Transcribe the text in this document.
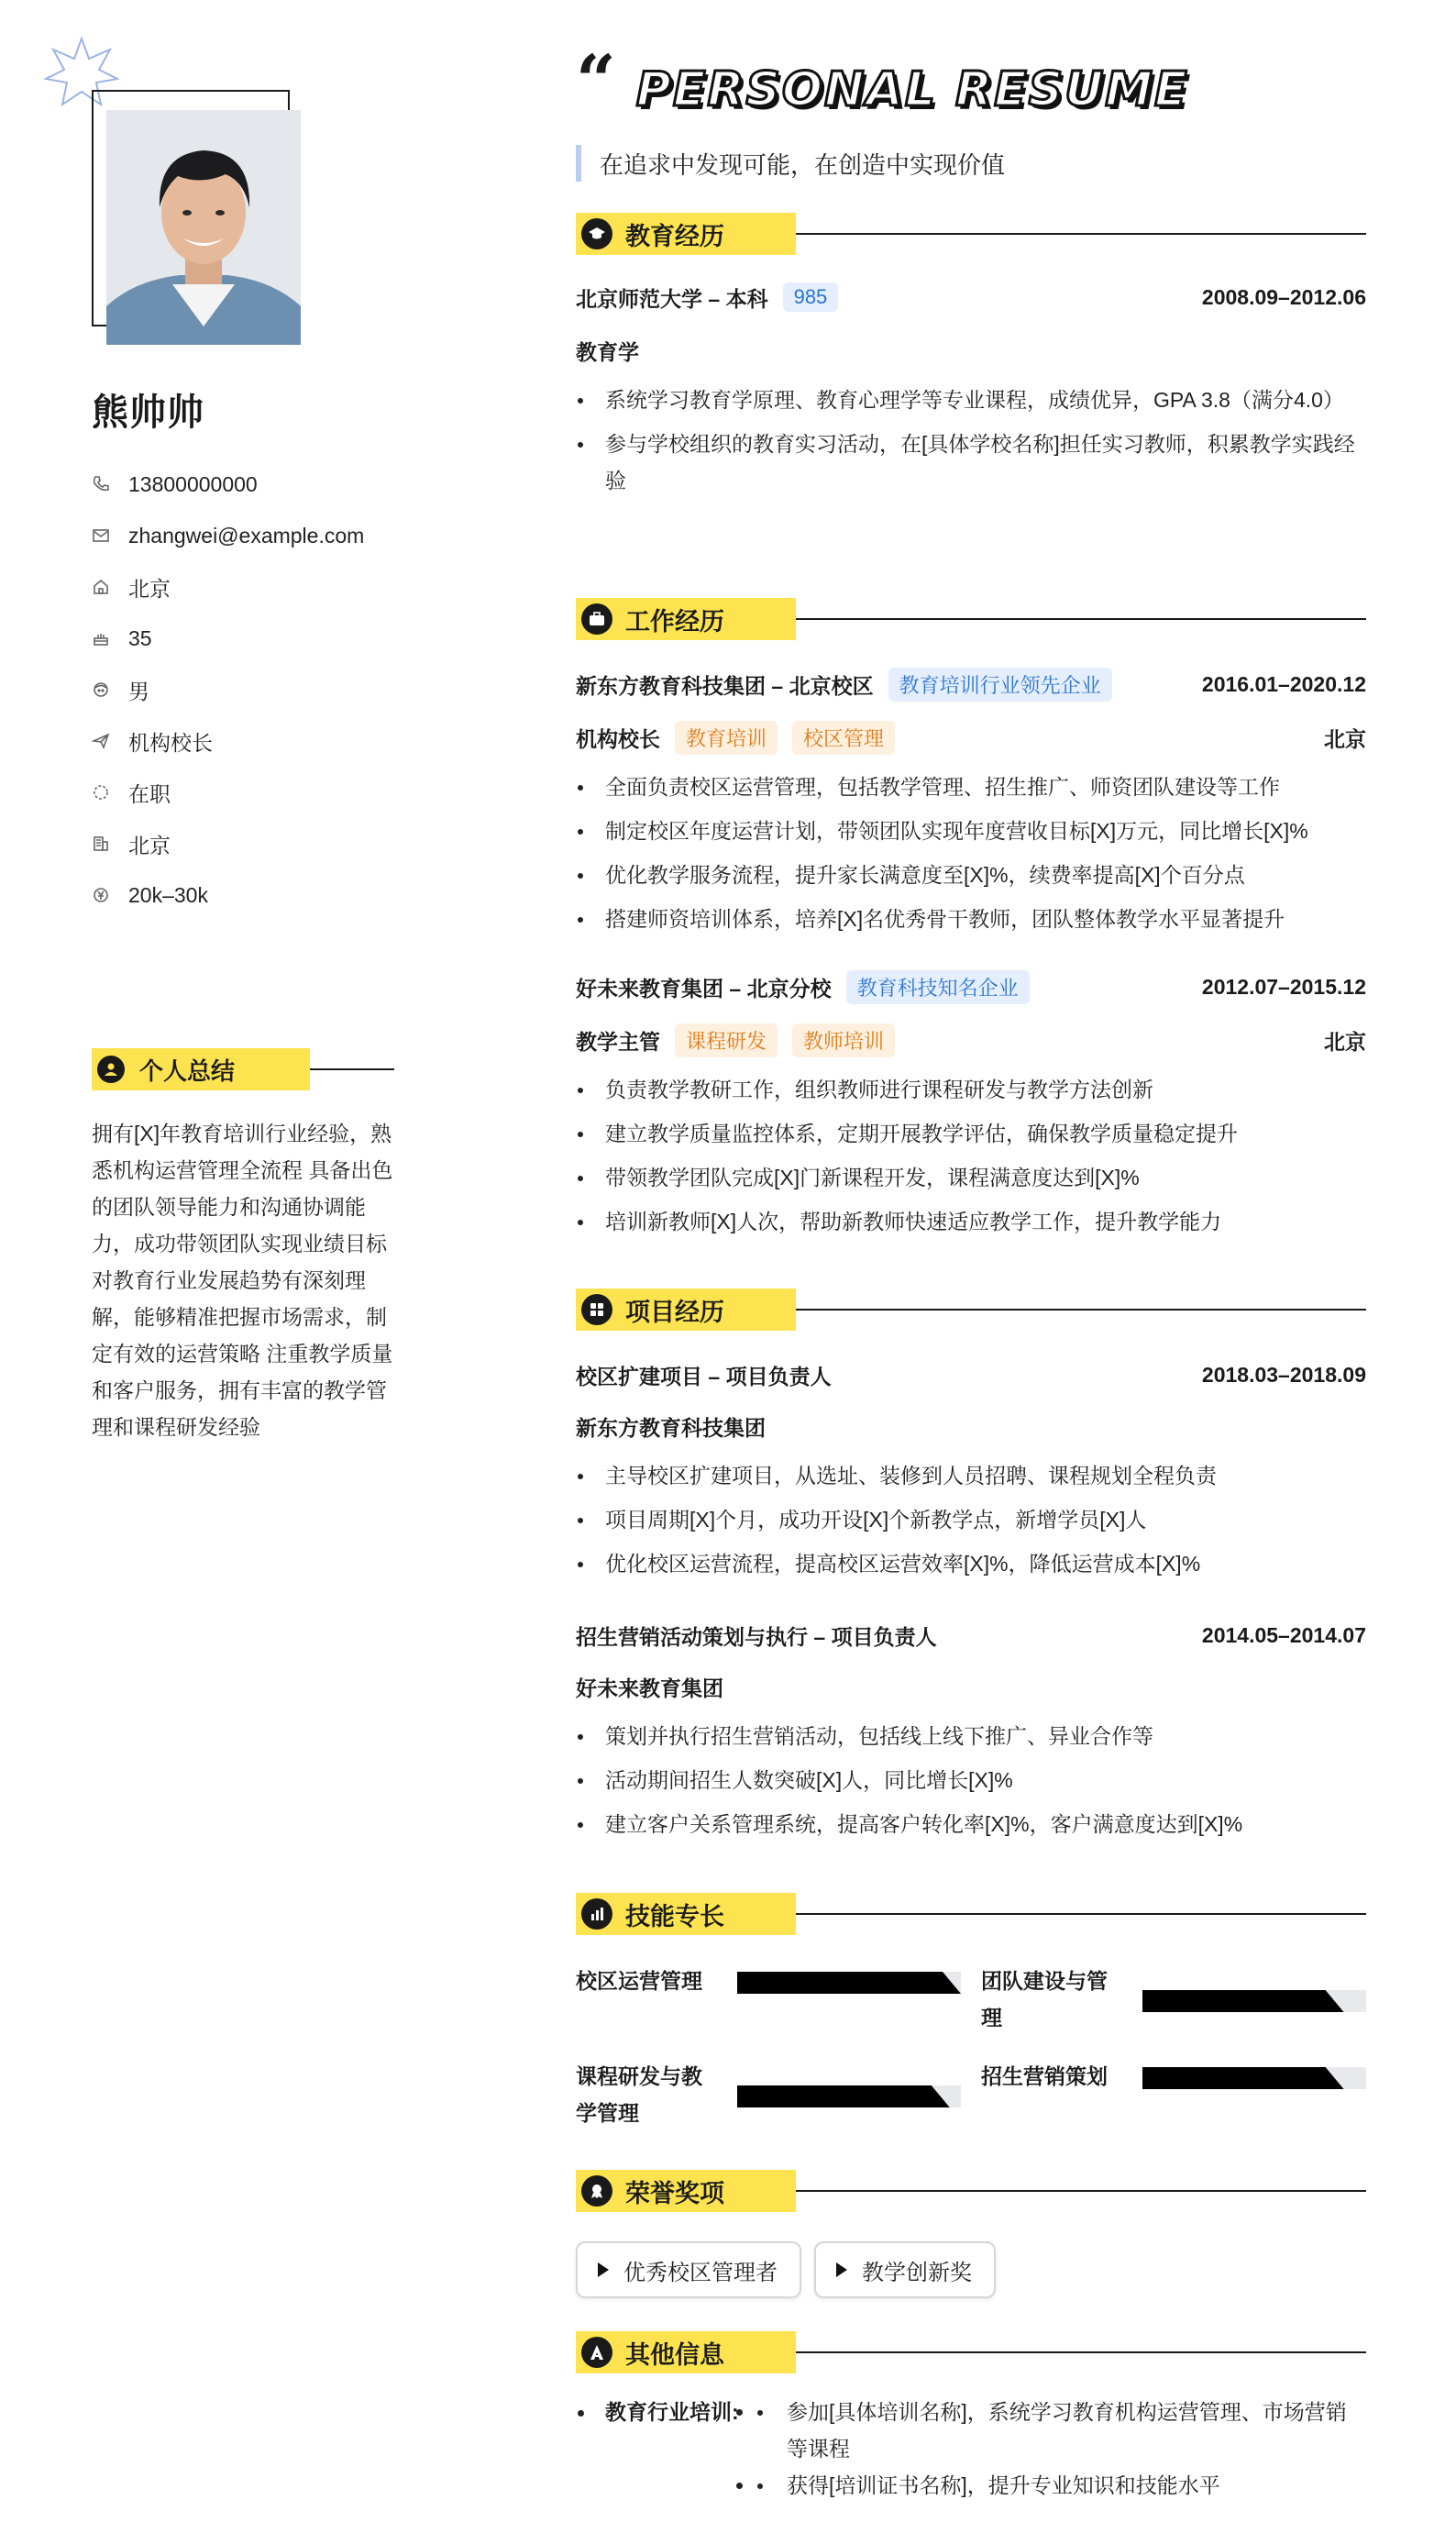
熊帅帅
13800000000
zhangwei@example.com
北京
35
男
机构校长
在职
北京
20k–30k
个人总结
拥有[X]年教育培训行业经验，熟悉机构运营管理全流程 具备出色的团队领导能力和沟通协调能力，成功带领团队实现业绩目标 对教育行业发展趋势有深刻理解，能够精准把握市场需求，制定有效的运营策略 注重教学质量和客户服务，拥有丰富的教学管理和课程研发经验
“ PERSONAL RESUME
在追求中发现可能，在创造中实现价值
教育经历
北京师范大学 – 本科	985	2008.09–2012.06
教育学
系统学习教育学原理、教育心理学等专业课程，成绩优异，GPA 3.8（满分4.0）
参与学校组织的教育实习活动，在[具体学校名称]担任实习教师，积累教学实践经验
工作经历
新东方教育科技集团 – 北京校区	教育培训行业领先企业	2016.01–2020.12
机构校长	教育培训	校区管理	北京
全面负责校区运营管理，包括教学管理、招生推广、师资团队建设等工作
制定校区年度运营计划，带领团队实现年度营收目标[X]万元，同比增长[X]%
优化教学服务流程，提升家长满意度至[X]%，续费率提高[X]个百分点
搭建师资培训体系，培养[X]名优秀骨干教师，团队整体教学水平显著提升
好未来教育集团 – 北京分校	教育科技知名企业	2012.07–2015.12
教学主管	课程研发	教师培训	北京
负责教学教研工作，组织教师进行课程研发与教学方法创新
建立教学质量监控体系，定期开展教学评估，确保教学质量稳定提升
带领教学团队完成[X]门新课程开发，课程满意度达到[X]%
培训新教师[X]人次，帮助新教师快速适应教学工作，提升教学能力
项目经历
校区扩建项目 – 项目负责人	2018.03–2018.09
新东方教育科技集团
主导校区扩建项目，从选址、装修到人员招聘、课程规划全程负责
项目周期[X]个月，成功开设[X]个新教学点，新增学员[X]人
优化校区运营流程，提高校区运营效率[X]%，降低运营成本[X]%
招生营销活动策划与执行 – 项目负责人	2014.05–2014.07
好未来教育集团
策划并执行招生营销活动，包括线上线下推广、异业合作等
活动期间招生人数突破[X]人，同比增长[X]%
建立客户关系管理系统，提高客户转化率[X]%，客户满意度达到[X]%
技能专长
校区运营管理	团队建设与管理
课程研发与教学管理
招生营销策划
荣誉奖项
优秀校区管理者	教学创新奖
其他信息
教育行业培训:
•	参加[具体培训名称]，系统学习教育机构运营管理、市场营销等课程
• 获得[培训证书名称]，提升专业知识和技能水平
